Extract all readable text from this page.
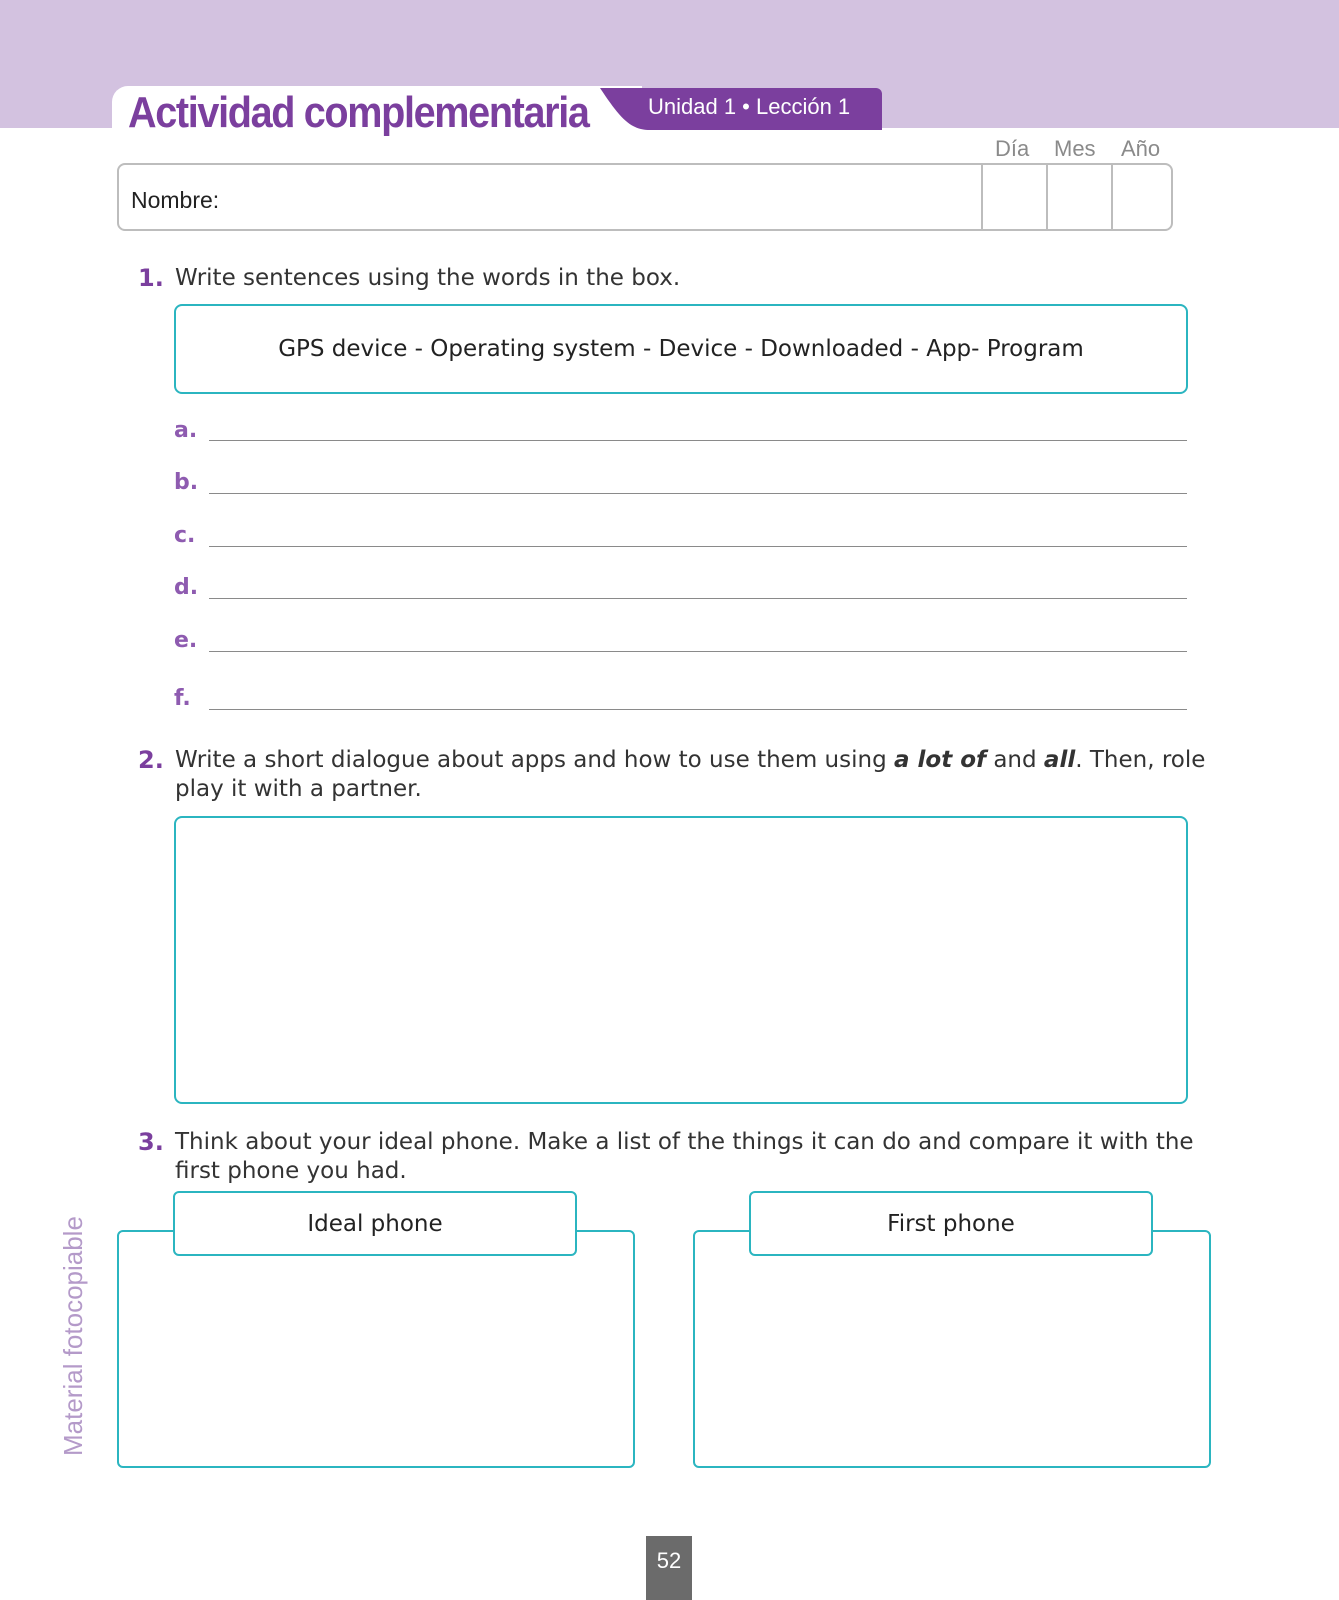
Actividad complementaria	Unidad 1 • Lección 1
Día Mes Año
Nombre:
1. Write sentences using the words in the box.
GPS device - Operating system - Device - Downloaded - App- Program
a.
b.
c.
d.
e.
f.
2. Write a short dialogue about apps and how to use them using a lot of and all. Then, role play it with a partner.
3. Think about your ideal phone. Make a list of the things it can do and compare it with the first phone you had.
Ideal phone	First phone
Material fotocopiable
52
